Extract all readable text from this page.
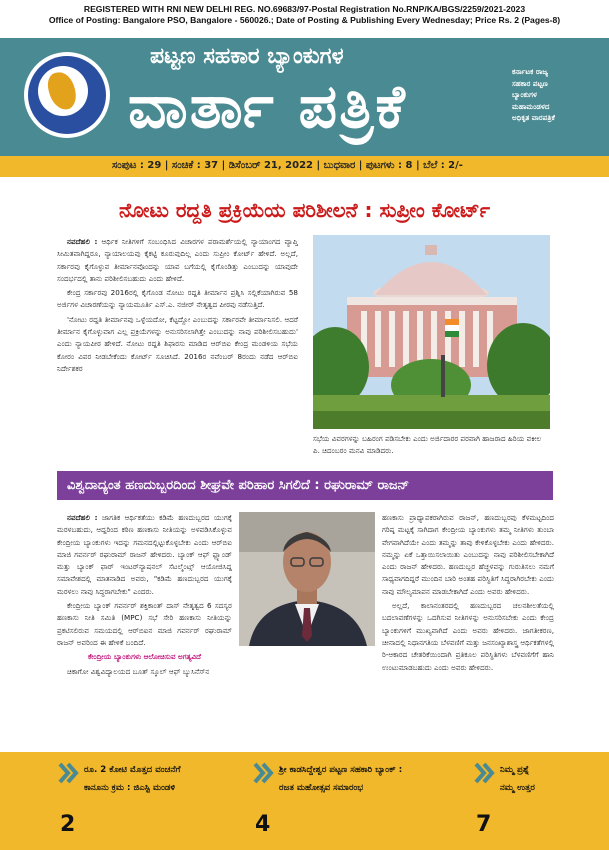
REGISTERED WITH RNI NEW DELHI REG. NO.69683/97-Postal Registration No.RNP/KA/BGS/2259/2021-2023
Office of Posting: Bangalore PSO, Bangalore - 560026.; Date of Posting & Publishing Every Wednesday; Price Rs. 2 (Pages-8)
ಪಟ್ಟಣ ಸಹಕಾರ ಬ್ಯಾಂಕುಗಳ
ವಾರ್ತಾ ಪತ್ರಿಕೆ
ಕರ್ನಾಟಕ ರಾಜ್ಯ
ಸಹಕಾರ ಪಟ್ಟಣ
ಬ್ಯಾಂಕುಗಳ
ಮಹಾಮಂಡಳದ
ಅಧಿಕೃತ ವಾರಪತ್ರಿಕೆ
ಸಂಪುಟ : 29 | ಸಂಚಿಕೆ : 37 | ಡಿಸೆಂಬರ್ 21, 2022 | ಬುಧವಾರ | ಪುಟಗಳು : 8 | ಬೆಲೆ : 2/-
ನೋಟು ರದ್ದತಿ ಪ್ರಕ್ರಿಯೆಯ ಪರಿಶೀಲನೆ : ಸುಪ್ರೀಂ ಕೋರ್ಟ್

ನವದೆಹಲಿ : ಆರ್ಥಿಕ ನೀತಿಗಳಿಗೆ ಸಂಬಂಧಿಸಿದ ವಿಚಾರಗಳ ಪರಾಮರ್ಶೆಯಲ್ಲಿ ನ್ಯಾಯಾಂಗದ ವ್ಯಾಪ್ತಿ ಸೀಮಿತವಾಗಿದ್ದರೂ, ನ್ಯಾಯಾಲಯವು ಕೈಕಟ್ಟಿ ಕೂರುವುದಿಲ್ಲ ಎಂದು ಸುಪ್ರೀಂ ಕೋರ್ಟ್ ಹೇಳಿದೆ. ಅಲ್ಲದೆ, ಸರ್ಕಾರವು ಕೈಗೊಳ್ಳುವ ತೀರ್ಮಾನವೊಂದನ್ನು ಯಾವ ಬಗೆಯಲ್ಲಿ ಕೈಗೊಂಡಿತ್ತು ಎಂಬುದನ್ನು ಯಾವುದೇ ಸಂದರ್ಭದಲ್ಲಿ ತಾನು ಪರಿಶೀಲಿಸಬಹುದು ಎಂದು ಹೇಳಿದೆ.

ಕೇಂದ್ರ ಸರ್ಕಾರವು 2016ರಲ್ಲಿ ಕೈಗೊಂಡ ನೋಟು ರದ್ದತಿ ತೀರ್ಮಾನ ಪ್ರಶ್ನಿಸಿ ಸಲ್ಲಿಕೆಯಾಗಿರುವ 58 ಅರ್ಜಿಗಳ ವಿಚಾರಣೆಯನ್ನು ನ್ಯಾಯಮೂರ್ತಿ ಎಸ್.ಎ. ನಜೀರ್ ನೇತೃತ್ವದ ಪೀಠವು ನಡೆಸುತ್ತಿದೆ.

'ನೋಟು ರದ್ದತಿ ತೀರ್ಮಾನವು ಒಳ್ಳೆಯದೋ, ಕೆಟ್ಟದ್ದೋ ಎಂಬುದನ್ನು ಸರ್ಕಾರವೇ ತೀರ್ಮಾನಿಸಲಿ. ಆದರೆ ತೀರ್ಮಾನ ಕೈಗೊಳ್ಳುವಾಗ ಎಲ್ಲ ಪ್ರಕ್ರಿಯೆಗಳನ್ನು ಅನುಸರಿಸಲಾಗಿತ್ತೇ ಎಂಬುದನ್ನು ನಾವು ಪರಿಶೀಲಿಸಬಹುದು' ಎಂದು ನ್ಯಾಯಪೀಠ ಹೇಳಿದೆ. ನೋಟು ರದ್ದತಿ ಶಿಫಾರಸು ಮಾಡಿದ ಆರ್‌ಬಿಐ ಕೇಂದ್ರ ಮಂಡಳಿಯ ಸಭೆಯ ಕೋರಂ ವಿವರ ನೀಡಬೇಕೆಂದು ಕೋರ್ಟ್ ಸೂಚಿಸಿದೆ. 2016ರ ನವೆಂಬರ್ 8ರಂದು ನಡೆದ ಆರ್‌ಬಿಐ ನಿರ್ದೇಶಕರ

ಸಭೆಯ ವಿವರಗಳನ್ನು ಬಹಿರಂಗ ಪಡಿಸಬೇಕು ಎಂದು ಅರ್ಜಿದಾರರ ಪರವಾಗಿ ಹಾಜರಾದ ಹಿರಿಯ ವಕೀಲ ಪಿ. ಚಿದಂಬರಂ ಮನವಿ ಮಾಡಿದರು.
ವಿಶ್ವದಾದ್ಯಂತ ಹಣದುಬ್ಬರದಿಂದ ಶೀಘ್ರವೇ ಪರಿಹಾರ ಸಿಗಲಿದೆ : ರಘುರಾಮ್ ರಾಜನ್

ನವದೆಹಲಿ : ಜಾಗತಿಕ ಆರ್ಥಿಕತೆಯು ಕಡಿಮೆ ಹಣದುಬ್ಬರದ ಯುಗಕ್ಕೆ ಮರಳಬಹುದು, ಆದ್ದರಿಂದ ಕಠಿಣ ಹಣಕಾಸು ನೀತಿಯನ್ನು ಅಳವಡಿಸಿಕೊಳ್ಳುವ ಕೇಂದ್ರೀಯ ಬ್ಯಾಂಕುಗಳು ಇದನ್ನು ಗಮನದಲ್ಲಿಟ್ಟುಕೊಳ್ಳಬೇಕು ಎಂದು ಆರ್‌ಬಿಐ ಮಾಜಿ ಗವರ್ನರ್ ರಘುರಾಮ್ ರಾಜನ್ ಹೇಳಿದರು. ಬ್ಯಾಂಕ್ ಆಫ್ ಫ್ಲ್ಯಾಂಡ್ ಮತ್ತು ಬ್ಯಾಂಕ್ ಫಾರ್ ಇಂಟರ್‌ನ್ಯಾಷನಲ್ ಸೆಟಲ್ಮೆಂಟ್ಸ್ ಆಯೋಜಿಸಿದ್ದ ಸಮಾವೇಶದಲ್ಲಿ ಮಾತನಾಡಿದ ಅವರು, "ಕಡಿಮೆ ಹಣದುಬ್ಬರದ ಯುಗಕ್ಕೆ ಮರಳಲು ನಾವು ಸಿದ್ಧರಾಗಬೇಕು" ಎಂದರು.

ಕೇಂದ್ರೀಯ ಬ್ಯಾಂಕ್ ಗವರ್ನರ್ ಶಕ್ತಿಕಾಂತ್ ದಾಸ್ ನೇತೃತ್ವದ 6 ಸದಸ್ಯರ ಹಣಕಾಸು ನೀತಿ ಸಮಿತಿ (MPC) ಸಭೆ ಸೇರಿ ಹಣಕಾಸು ನೀತಿಯನ್ನು ಪ್ರಕಟಿಸಲಿರುವ ಸಮಯದಲ್ಲಿ ಆರ್‌ಬಿಐನ ಮಾಜಿ ಗವರ್ನರ್ ರಘುರಾಮ್ ರಾಜನ್ ಅವರಿಂದ ಈ ಹೇಳಿಕೆ ಬಂದಿದೆ.

ಕೇಂದ್ರೀಯ ಬ್ಯಾಂಕುಗಳು ಆಲೋಚಿಸುವ ಅಗತ್ಯವಿದೆ

ಚಿಕಾಗೋ ವಿಶ್ವವಿದ್ಯಾಲಯದ ಬೂತ್ ಸ್ಕೂಲ್ ಆಫ್ ಬ್ಯುಸಿನೆಸ್‌ನ

ಹಣಕಾಸು ಪ್ರಾಧ್ಯಾಪಕರಾಗಿರುವ ರಾಜನ್, ಹಣದುಬ್ಬರವು ಕೆಳಮಟ್ಟದಿಂದ ಗರಿಷ್ಠ ಮಟ್ಟಕ್ಕೆ ಸಾಗಿದಾಗ ಕೇಂದ್ರೀಯ ಬ್ಯಾಂಕುಗಳು ತಮ್ಮ ನೀತಿಗಳು ತುಂಬಾ ವೇಗವಾಗಿದೆಯೇ ಎಂದು ತಮ್ಮನ್ನು ತಾವು ಕೇಳಿಕೊಳ್ಳಬೇಕು ಎಂದು ಹೇಳಿದರು. ನಮ್ಮನ್ನು ಏಕೆ ಒತ್ತಾಯಿಸಲಾಯಿತು ಎಂಬುದನ್ನು ನಾವು ಪರಿಶೀಲಿಸಬೇಕಾಗಿದೆ ಎಂದು ರಾಜನ್ ಹೇಳಿದರು. ಹಣದುಬ್ಬರ ಹೆಚ್ಚಳವನ್ನು ಗುರುತಿಸಲು ನಮಗೆ ಸಾಧ್ಯವಾಗದಿದ್ದರೆ ಮುಂದಿನ ಬಾರಿ ಅಂತಹ ಪರಿಸ್ಥಿತಿಗೆ ಸಿದ್ಧರಾಗಿರಬೇಕು ಎಂದು ನಾವು ಮೌಲ್ಯಮಾಪನ ಮಾಡಬೇಕಾಗಿದೆ ಎಂದು ಅವರು ಹೇಳಿದರು.

ಅಲ್ಲದೆ, ಕಾಲಾನಂತರದಲ್ಲಿ ಹಣದುಬ್ಬರದ ಚಲನಶೀಲತೆಯಲ್ಲಿ ಬದಲಾವಣೆಗಳನ್ನು ಒದಗಿಸುವ ನೀತಿಗಳನ್ನು ಅನುಸರಿಸಬೇಕು ಎಂದು ಕೇಂದ್ರ ಬ್ಯಾಂಕುಗಳಿಗೆ ಮುಖ್ಯವಾಗಿದೆ ಎಂದು ಅವರು ಹೇಳಿದರು. ಜಾಗತೀಕರಣ, ಚೀನಾದಲ್ಲಿ ನಿಧಾನಗತಿಯ ಬೆಳವಣಿಗೆ ಮತ್ತು ಜನಸಂಖ್ಯಾಶಾಸ್ತ್ರ ಆರ್ಥಿಕತೆಗಳಲ್ಲಿ ರಿ-ಆಕಾರದ ಚೇತರಿಕೆಯಿಂದಾಗಿ ಪ್ರತಿಕೂಲ ಪರಿಸ್ಥಿತಿಗಳು ಬೆಳವಣಿಗೆಗೆ ಹಾನಿ ಉಂಟುಮಾಡಬಹುದು ಎಂದು ಅವರು ಹೇಳಿದರು.

ರೂ. 2 ಕೋಟಿ ಮೊತ್ತದ ವಂಚನೆಗೆ
ಕಾನೂನು ಕ್ರಮ : ಜಿಎಸ್ಟಿ ಮಂಡಳಿ
2
ಶ್ರೀ ಕಾಡಸಿದ್ದೇಶ್ವರ ಪಟ್ಟಣ ಸಹಕಾರಿ ಬ್ಯಾಂಕ್ :
ರಜತ ಮಹೋತ್ಸವ ಸಮಾರಂಭ
4
ನಿಮ್ಮ ಪ್ರಶ್ನೆ
ನಮ್ಮ ಉತ್ತರ
7
